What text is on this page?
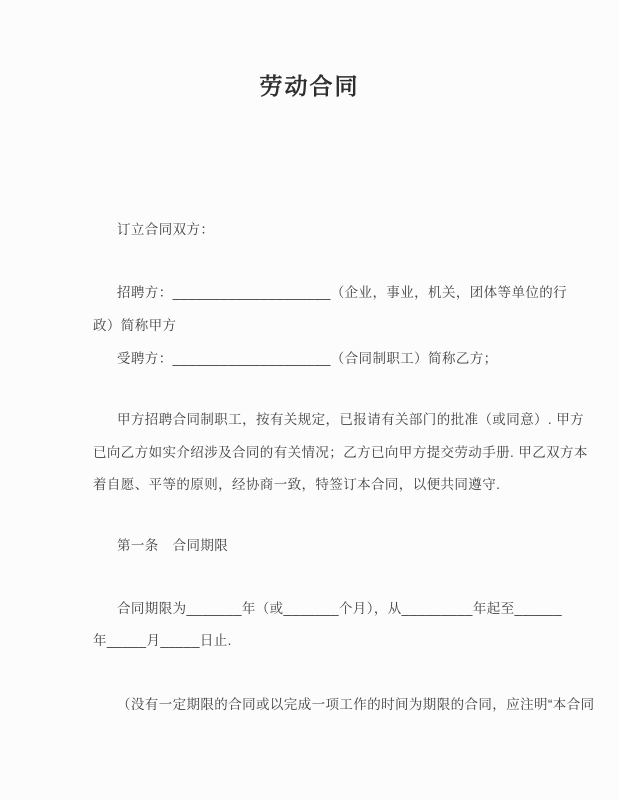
劳动合同
订立合同双方：
招聘方：____________________（企业，事业，机关，团体等单位的行
政）简称甲方
受聘方：____________________（合同制职工）简称乙方；
甲方招聘合同制职工，按有关规定，已报请有关部门的批准（或同意）. 甲方
已向乙方如实介绍涉及合同的有关情况；乙方已向甲方提交劳动手册. 甲乙双方本
着自愿、平等的原则，经协商一致，特签订本合同，以便共同遵守.
第一条　合同期限
合同期限为_______年（或_______个月），从_________年起至______
年_____月_____日止.
（没有一定期限的合同或以完成一项工作的时间为期限的合同，应注明“本合同
